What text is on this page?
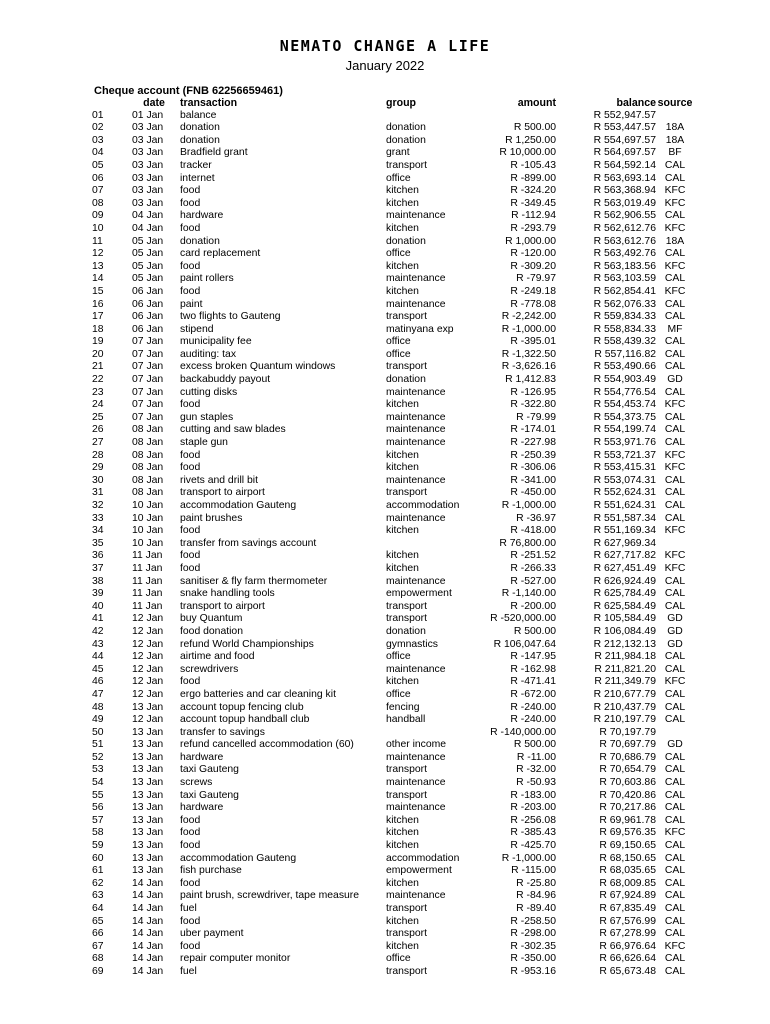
NEMATO CHANGE A LIFE
January 2022
Cheque account (FNB 62256659461)
	date	transaction	group	amount	balance	source
01	01 Jan	balance			R 552,947.57	
02	03 Jan	donation	donation	R 500.00	R 553,447.57	18A
03	03 Jan	donation	donation	R 1,250.00	R 554,697.57	18A
04	03 Jan	Bradfield grant	grant	R 10,000.00	R 564,697.57	BF
05	03 Jan	tracker	transport	R -105.43	R 564,592.14	CAL
06	03 Jan	internet	office	R -899.00	R 563,693.14	CAL
07	03 Jan	food	kitchen	R -324.20	R 563,368.94	KFC
08	03 Jan	food	kitchen	R -349.45	R 563,019.49	KFC
09	04 Jan	hardware	maintenance	R -112.94	R 562,906.55	CAL
10	04 Jan	food	kitchen	R -293.79	R 562,612.76	KFC
11	05 Jan	donation	donation	R 1,000.00	R 563,612.76	18A
12	05 Jan	card replacement	office	R -120.00	R 563,492.76	CAL
13	05 Jan	food	kitchen	R -309.20	R 563,183.56	KFC
14	05 Jan	paint rollers	maintenance	R -79.97	R 563,103.59	CAL
15	06 Jan	food	kitchen	R -249.18	R 562,854.41	KFC
16	06 Jan	paint	maintenance	R -778.08	R 562,076.33	CAL
17	06 Jan	two flights to Gauteng	transport	R -2,242.00	R 559,834.33	CAL
18	06 Jan	stipend	matinyana exp	R -1,000.00	R 558,834.33	MF
19	07 Jan	municipality fee	office	R -395.01	R 558,439.32	CAL
20	07 Jan	auditing: tax	office	R -1,322.50	R 557,116.82	CAL
21	07 Jan	excess broken Quantum windows	transport	R -3,626.16	R 553,490.66	CAL
22	07 Jan	backabuddy payout	donation	R 1,412.83	R 554,903.49	GD
23	07 Jan	cutting disks	maintenance	R -126.95	R 554,776.54	CAL
24	07 Jan	food	kitchen	R -322.80	R 554,453.74	KFC
25	07 Jan	gun staples	maintenance	R -79.99	R 554,373.75	CAL
26	08 Jan	cutting and saw blades	maintenance	R -174.01	R 554,199.74	CAL
27	08 Jan	staple gun	maintenance	R -227.98	R 553,971.76	CAL
28	08 Jan	food	kitchen	R -250.39	R 553,721.37	KFC
29	08 Jan	food	kitchen	R -306.06	R 553,415.31	KFC
30	08 Jan	rivets and drill bit	maintenance	R -341.00	R 553,074.31	CAL
31	08 Jan	transport to airport	transport	R -450.00	R 552,624.31	CAL
32	10 Jan	accommodation Gauteng	accommodation	R -1,000.00	R 551,624.31	CAL
33	10 Jan	paint brushes	maintenance	R -36.97	R 551,587.34	CAL
34	10 Jan	food	kitchen	R -418.00	R 551,169.34	KFC
35	10 Jan	transfer from savings account		R 76,800.00	R 627,969.34	
36	11 Jan	food	kitchen	R -251.52	R 627,717.82	KFC
37	11 Jan	food	kitchen	R -266.33	R 627,451.49	KFC
38	11 Jan	sanitiser & fly farm thermometer	maintenance	R -527.00	R 626,924.49	CAL
39	11 Jan	snake handling tools	empowerment	R -1,140.00	R 625,784.49	CAL
40	11 Jan	transport to airport	transport	R -200.00	R 625,584.49	CAL
41	12 Jan	buy Quantum	transport	R -520,000.00	R 105,584.49	GD
42	12 Jan	food donation	donation	R 500.00	R 106,084.49	GD
43	12 Jan	refund World Championships	gymnastics	R 106,047.64	R 212,132.13	GD
44	12 Jan	airtime and food	office	R -147.95	R 211,984.18	CAL
45	12 Jan	screwdrivers	maintenance	R -162.98	R 211,821.20	CAL
46	12 Jan	food	kitchen	R -471.41	R 211,349.79	KFC
47	12 Jan	ergo batteries and car cleaning kit	office	R -672.00	R 210,677.79	CAL
48	13 Jan	account topup fencing club	fencing	R -240.00	R 210,437.79	CAL
49	12 Jan	account topup handball club	handball	R -240.00	R 210,197.79	CAL
50	13 Jan	transfer to savings		R -140,000.00	R 70,197.79	
51	13 Jan	refund cancelled accommodation (60)	other income	R 500.00	R 70,697.79	GD
52	13 Jan	hardware	maintenance	R -11.00	R 70,686.79	CAL
53	13 Jan	taxi Gauteng	transport	R -32.00	R 70,654.79	CAL
54	13 Jan	screws	maintenance	R -50.93	R 70,603.86	CAL
55	13 Jan	taxi Gauteng	transport	R -183.00	R 70,420.86	CAL
56	13 Jan	hardware	maintenance	R -203.00	R 70,217.86	CAL
57	13 Jan	food	kitchen	R -256.08	R 69,961.78	CAL
58	13 Jan	food	kitchen	R -385.43	R 69,576.35	KFC
59	13 Jan	food	kitchen	R -425.70	R 69,150.65	CAL
60	13 Jan	accommodation Gauteng	accommodation	R -1,000.00	R 68,150.65	CAL
61	13 Jan	fish purchase	empowerment	R -115.00	R 68,035.65	CAL
62	14 Jan	food	kitchen	R -25.80	R 68,009.85	CAL
63	14 Jan	paint brush, screwdriver, tape measure	maintenance	R -84.96	R 67,924.89	CAL
64	14 Jan	fuel	transport	R -89.40	R 67,835.49	CAL
65	14 Jan	food	kitchen	R -258.50	R 67,576.99	CAL
66	14 Jan	uber payment	transport	R -298.00	R 67,278.99	CAL
67	14 Jan	food	kitchen	R -302.35	R 66,976.64	KFC
68	14 Jan	repair computer monitor	office	R -350.00	R 66,626.64	CAL
69	14 Jan	fuel	transport	R -953.16	R 65,673.48	CAL
